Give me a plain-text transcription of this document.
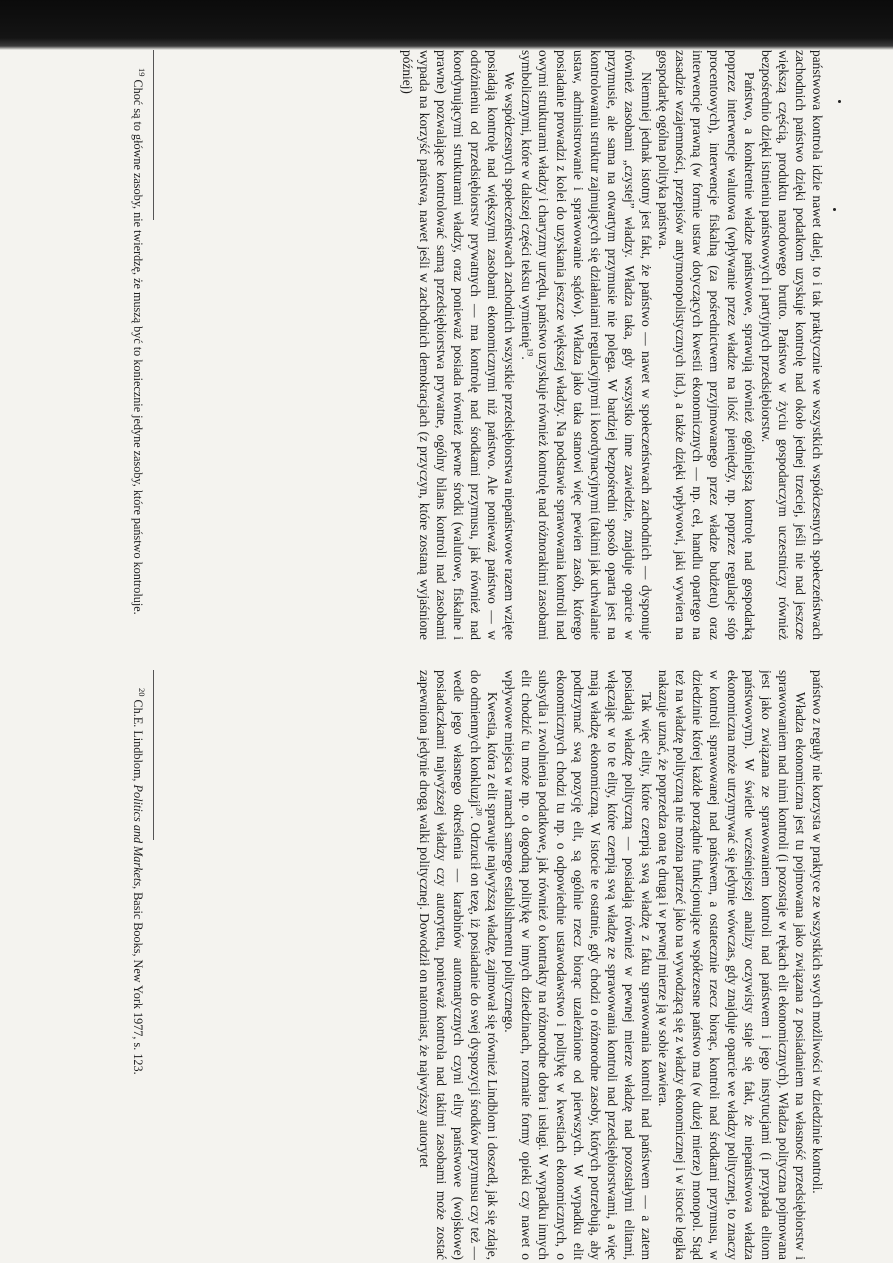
państwowa kontrola idzie nawet dalej, to i tak praktycznie we wszystkich współczesnych społeczeństwach zachodnich państwo dzięki podatkom uzyskuje kontrolę nad około jednej trzeciej, jeśli nie nad jeszcze większą częścią, produktu narodowego brutto. Państwo w życiu gospodarczym uczestniczy również bezpośrednio dzięki istnieniu państwowych i partyjnych przedsiębiorstw.

Państwo, a konkretnie władze państwowe, sprawują również ogólniejszą kontrolę nad gospodarką poprzez interwencje walutowa (wpływanie przez władze na ilość pieniędzy, np. poprzez regulacje stóp procentowych), interwencje fiskalną (za pośrednictwem przyjmowanego przez władze budżetu) oraz interwencje prawną (w formie ustaw dotyczących kwestii ekonomicznych — np. ceł, handlu opartego na zasadzie wzajemności, przepisów antymonopolistycznych itd.), a także dzięki wpływowi, jaki wywiera na gospodarkę ogólna polityka państwa.

Niemniej jednak istotny jest fakt, że państwo — nawet w społeczeństwach zachodnich — dysponuje również zasobami „czystej” władzy. Władza taka, gdy wszystko inne zawiedzie, znajduje oparcie w przymusie, ale sama na otwartym przymusie nie polega. W bardziej bezpośredni sposób oparta jest na kontrolowaniu struktur zajmujących się działaniami regulacyjnymi i koordynacyjnymi (takimi jak uchwalanie ustaw, administrowanie i sprawowanie sądów). Władza jako taka stanowi więc pewien zasób, którego posiadanie prowadzi z kolei do uzyskania jeszcze większej władzy. Na podstawie sprawowania kontroli nad owymi strukturami władzy i charyzmy urzędu, państwo uzyskuje również kontrolę nad różnorakimi zasobami symbolicznymi, które w dalszej części tekstu wymienię$^{19}$.

We współczesnych społeczeństwach zachodnich wszystkie przedsiębiorstwa niepaństwowe razem wzięte posiadają kontrolę nad większymi zasobami ekonomicznymi niż państwo. Ale ponieważ państwo — w odróżnieniu od przedsiębiorstw prywatnych — ma kontrolę nad środkami przymusu, jak również nad koordynującymi strukturami władzy, oraz ponieważ posiada również pewne środki (walutowe, fiskalne i prawne) pozwalające kontrolować samą przedsiębiorstwa prywatne, ogólny bilans kontroli nad zasobami wypada na korzyść państwa, nawet jeśli w zachodnich demokracjach (z przyczyn, które zostaną wyjaśnione później)

$^{19}$ Choć są to główne zasoby, nie twierdzę, że muszą być to koniecznie jedyne zasoby, które państwo kontroluje.

państwo z reguły nie korzysta w praktyce ze wszystkich swych możliwości w dziedzinie kontroli.

Władza ekonomiczna jest tu pojmowana jako związana z posiadaniem na własność przedsiębiorstw i sprawowaniem nad nimi kontroli (i pozostaje w rękach elit ekonomicznych). Władza polityczna pojmowana jest jako związana ze sprawowaniem kontroli nad państwem i jego instytucjami (i przypada elitom państwowym). W świetle wcześniejszej analizy oczywisty staje się fakt, że niepaństwowa władza ekonomiczna może utrzymywać się jedynie wówczas, gdy znajduje oparcie we władzy politycznej, to znaczy w kontroli sprawowanej nad państwem, a ostatecznie rzecz biorąc, kontroli nad środkami przymusu, w dziedzinie której każde porządnie funkcjonujące współczesne państwo ma (w dużej mierze) monopol. Stąd też na władzę polityczną nie można patrzeć jako na wywodzącą się z władzy ekonomicznej i w istocie logika nakazuje uznać, że poprzedza ona tę drugą i w pewnej mierze ją w sobie zawiera.

Tak więc elity, które czerpią swą władzę z faktu sprawowania kontroli nad państwem — a zatem posiadają władzę polityczną — posiadają również w pewnej mierze władzę nad pozostałymi elitami, włączając w to te elity, które czerpią swą władzę ze sprawowania kontroli nad przedsiębiorstwami, a więc mają władzę ekonomiczną. W istocie te ostatnie, gdy chodzi o różnorodne zasoby, których potrzebują, aby podtrzymać swą pozycję elit, są ogólnie rzecz biorąc uzależnione od pierwszych. W wypadku elit ekonomicznych chodzi tu np. o odpowiednie ustawodawstwo i politykę w kwestiach ekonomicznych, o subsydia i zwolnienia podatkowe, jak również o kontrakty na różnorodne dobra i usługi. W wypadku innych elit chodzić tu może np. o dogodną politykę w innych dziedzinach, rozmaite formy opieki czy nawet o wpływowe miejsca w ramach samego establishmentu politycznego.

Kwestia, która z elit sprawuje najwyższą władzę, zajmował się również Lindblom i doszedł, jak się zdaje, do odmiennych konkluzji$^{20}$. Odrzucił on tezę, iż posiadanie do swej dyspozycji środków przymusu czy też — wedle jego własnego określenia — karabinów automatycznych czyni elity państwowe (wojskowe) posiadaczkami najwyższej władzy czy autorytetu, ponieważ kontrola nad takimi zasobami może zostać zapewniona jedynie drogą walki politycznej. Dowodził on natomiast, że najwyższy autorytet

$^{20}$ Ch.E. Lindblom, Politics and Markets, Basic Books, New York 1977, s. 123.
